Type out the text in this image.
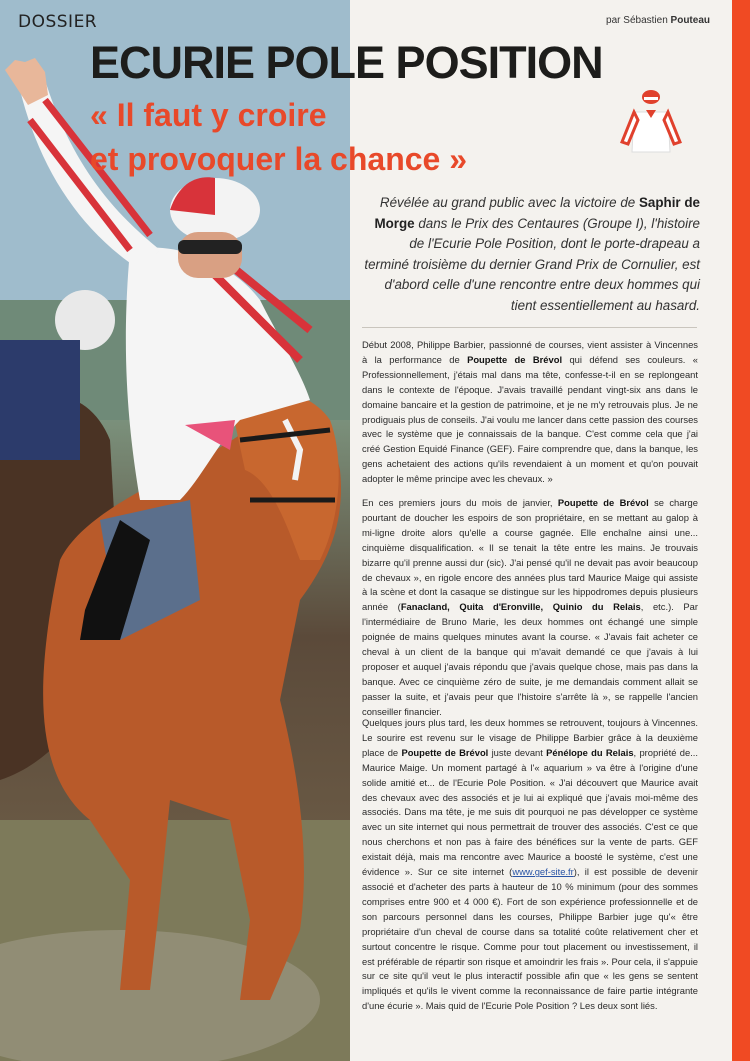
DOSSIER	par Sébastien Pouteau
ECURIE POLE POSITION
« Il faut y croire
et provoquer la chance »
Révélée au grand public avec la victoire de Saphir de Morge dans le Prix des Centaures (Groupe I), l'histoire de l'Ecurie Pole Position, dont le porte-drapeau a terminé troisième du dernier Grand Prix de Cornulier, est d'abord celle d'une rencontre entre deux hommes qui tient essentiellement au hasard.
Début 2008, Philippe Barbier, passionné de courses, vient assister à Vincennes à la performance de Poupette de Brévol qui défend ses couleurs. « Professionnellement, j'étais mal dans ma tête, confesse-t-il en se replongeant dans le contexte de l'époque. J'avais travaillé pendant vingt-six ans dans le domaine bancaire et la gestion de patrimoine, et je ne m'y retrouvais plus. Je ne prodiguais plus de conseils. J'ai voulu me lancer dans cette passion des courses avec le système que je connaissais de la banque. C'est comme cela que j'ai créé Gestion Equidé Finance (GEF). Faire comprendre que, dans la banque, les gens achetaient des actions qu'ils revendaient à un moment et qu'on pouvait adopter le même principe avec les chevaux. »
En ces premiers jours du mois de janvier, Poupette de Brévol se charge pourtant de doucher les espoirs de son propriétaire, en se mettant au galop à mi-ligne droite alors qu'elle a course gagnée. Elle enchaîne ainsi une... cinquième disqualification. « Il se tenait la tête entre les mains. Je trouvais bizarre qu'il prenne aussi dur (sic). J'ai pensé qu'il ne devait pas avoir beaucoup de chevaux », en rigole encore des années plus tard Maurice Maige qui assiste à la scène et dont la casaque se distingue sur les hippodromes depuis plusieurs année (Fanacland, Quita d'Eronville, Quinio du Relais, etc.). Par l'intermédiaire de Bruno Marie, les deux hommes ont échangé une simple poignée de mains quelques minutes avant la course. « J'avais fait acheter ce cheval à un client de la banque qui m'avait demandé ce que j'avais à lui proposer et auquel j'avais répondu que j'avais quelque chose, mais pas dans la banque. Avec ce cinquième zéro de suite, je me demandais comment allait se passer la suite, et j'avais peur que l'histoire s'arrête là », se rappelle l'ancien conseiller financier.
Quelques jours plus tard, les deux hommes se retrouvent, toujours à Vincennes. Le sourire est revenu sur le visage de Philippe Barbier grâce à la deuxième place de Poupette de Brévol juste devant Pénélope du Relais, propriété de... Maurice Maige. Un moment partagé à l'« aquarium » va être à l'origine d'une solide amitié et... de l'Ecurie Pole Position. « J'ai découvert que Maurice avait des chevaux avec des associés et je lui ai expliqué que j'avais moi-même des associés. Dans ma tête, je me suis dit pourquoi ne pas développer ce système avec un site internet qui nous permettrait de trouver des associés. C'est ce que nous cherchons et non pas à faire des bénéfices sur la vente de parts. GEF existait déjà, mais ma rencontre avec Maurice a boosté le système, c'est une évidence ». Sur ce site internet (www.gef-site.fr), il est possible de devenir associé et d'acheter des parts à hauteur de 10 % minimum (pour des sommes comprises entre 900 et 4 000 €). Fort de son expérience professionnelle et de son parcours personnel dans les courses, Philippe Barbier juge qu'« être propriétaire d'un cheval de course dans sa totalité coûte relativement cher et surtout concentre le risque. Comme pour tout placement ou investissement, il est préférable de répartir son risque et amoindrir les frais ». Pour cela, il s'appuie sur ce site qu'il veut le plus interactif possible afin que « les gens se sentent impliqués et qu'ils le vivent comme la reconnaissance de faire partie intégrante d'une écurie ». Mais quid de l'Ecurie Pole Position ? Les deux sont liés.
